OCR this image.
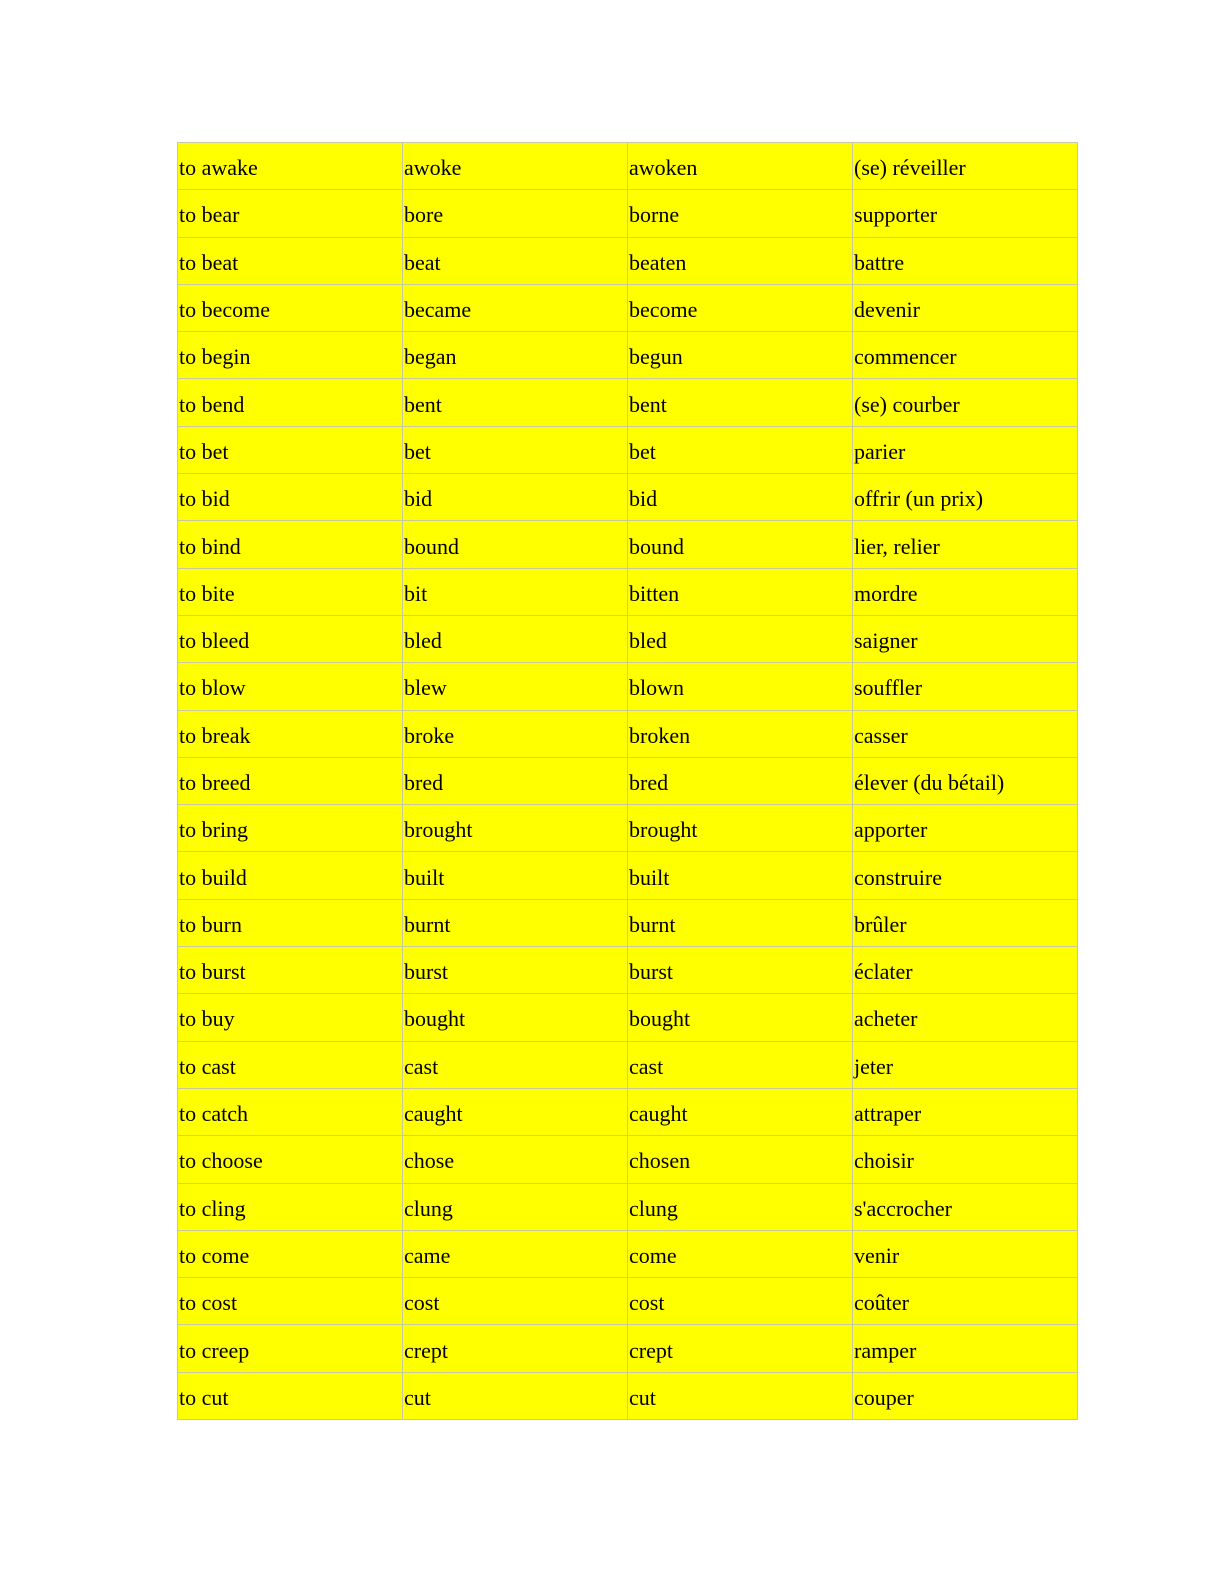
to awake	awoke	awoken	(se) réveiller
to bear	bore	borne	supporter
to beat	beat	beaten	battre
to become	became	become	devenir
to begin	began	begun	commencer
to bend	bent	bent	(se) courber
to bet	bet	bet	parier
to bid	bid	bid	offrir (un prix)
to bind	bound	bound	lier, relier
to bite	bit	bitten	mordre
to bleed	bled	bled	saigner
to blow	blew	blown	souffler
to break	broke	broken	casser
to breed	bred	bred	élever (du bétail)
to bring	brought	brought	apporter
to build	built	built	construire
to burn	burnt	burnt	brûler
to burst	burst	burst	éclater
to buy	bought	bought	acheter
to cast	cast	cast	jeter
to catch	caught	caught	attraper
to choose	chose	chosen	choisir
to cling	clung	clung	s'accrocher
to come	came	come	venir
to cost	cost	cost	coûter
to creep	crept	crept	ramper
to cut	cut	cut	couper
